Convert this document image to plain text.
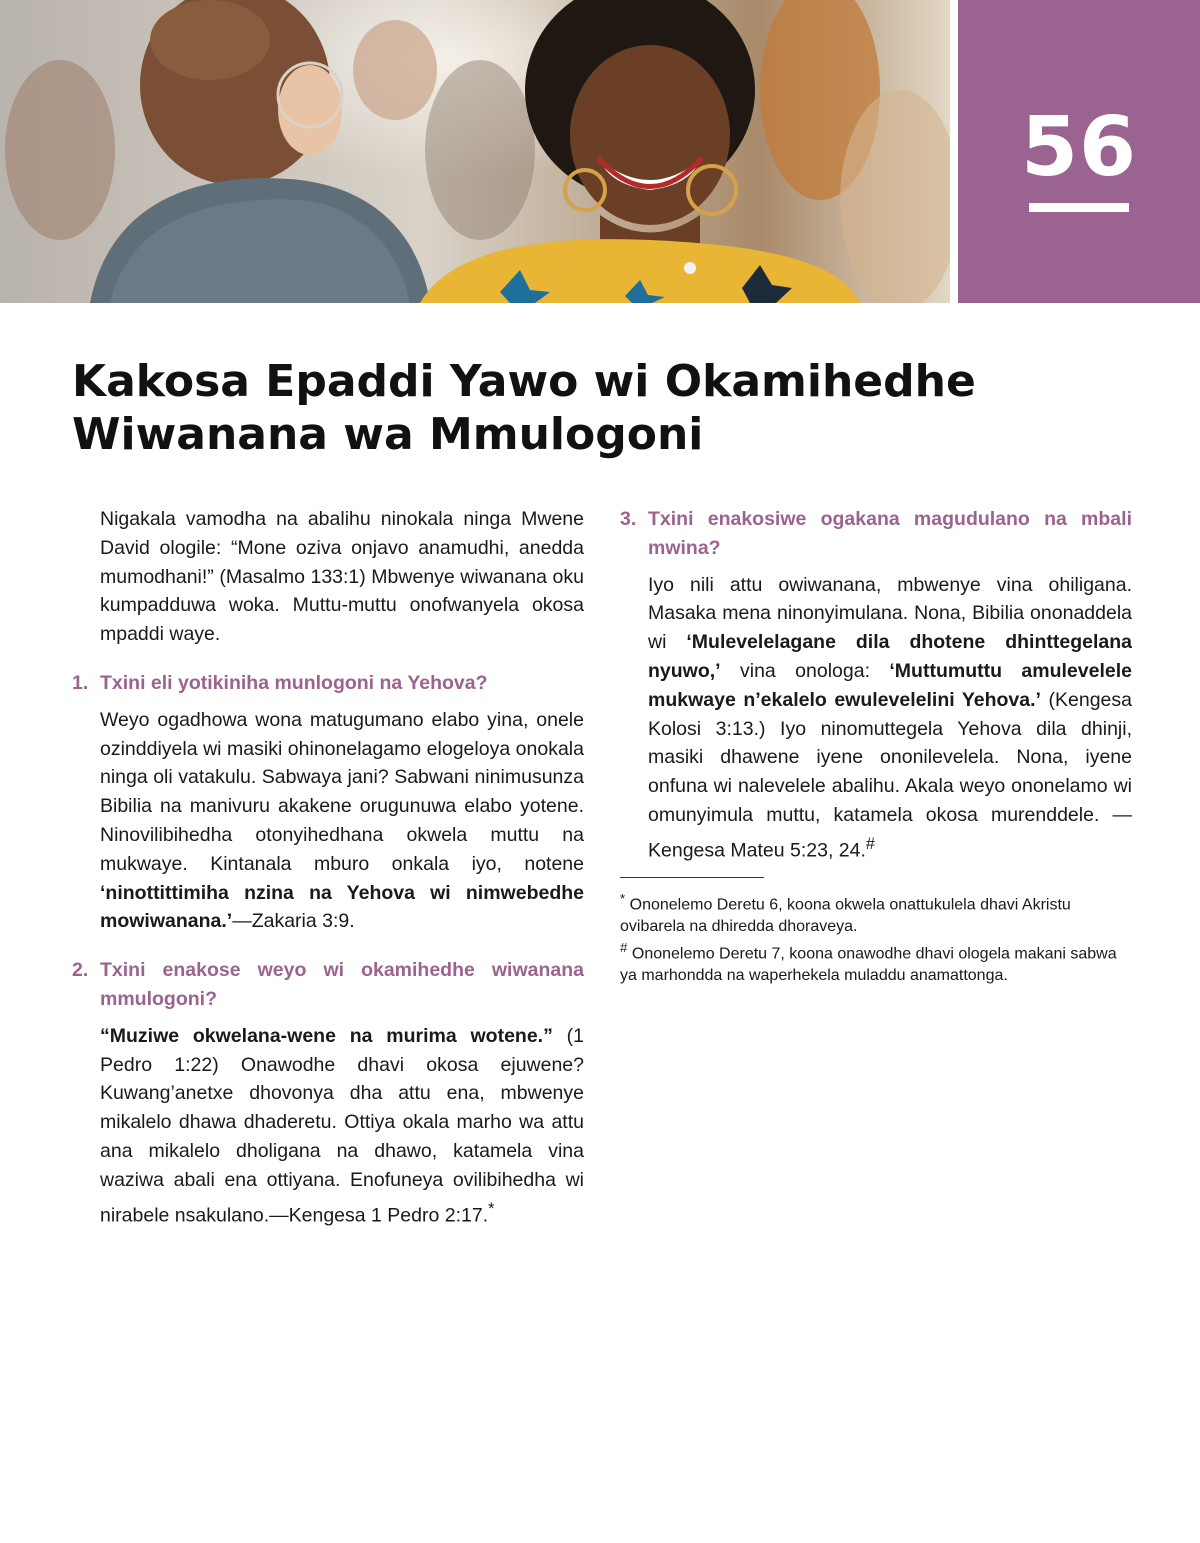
56
Kakosa Epaddi Yawo wi Okamihedhe Wiwanana wa Mmulogoni

Nigakala vamodha na abalihu ninokala ninga Mwene David ologile: “Mone oziva onjavo anamudhi, anedda mumodhani!” (Masalmo 133:1) Mbwenye wiwanana oku kumpadduwa woka. Muttu-muttu onofwanyela okosa mpaddi waye.

1. Txini eli yotikiniha munlogoni na Yehova?

Weyo ogadhowa wona matugumano elabo yina, onele ozinddiyela wi masiki ohinonelagamo elogeloya onokala ninga oli vatakulu. Sabwaya jani? Sabwani ninimusunza Bibilia na manivuru akakene orugunuwa elabo yotene. Ninovilibihedha otonyihedhana okwela muttu na mukwaye. Kintanala mburo onkala iyo, notene ‘ninottittimiha nzina na Yehova wi nimwebedhe mowiwanana.’—Zakaria 3:9.

2. Txini enakose weyo wi okamihedhe wiwanana mmulogoni?

“Muziwe okwelana-wene na murima wotene.” (1 Pedro 1:22) Onawodhe dhavi okosa ejuwene? Kuwang’anetxe dhovonya dha attu ena, mbwenye mikalelo dhawa dhaderetu. Ottiya okala marho wa attu ana mikalelo dholigana na dhawo, katamela vina waziwa abali ena ottiyana. Enofuneya ovilibihedha wi nirabele nsakulano.—Kengesa 1 Pedro 2:17.*

3. Txini enakosiwe ogakana magudulano na mbali mwina?

Iyo nili attu owiwanana, mbwenye vina ohiligana. Masaka mena ninonyimulana. Nona, Bibilia ononaddela wi ‘Mulevelelagane dila dhotene dhinttegelana nyuwo,’ vina onologa: ‘Muttumuttu amulevelele mukwaye n’ekalelo ewulevelelini Yehova.’ (Kengesa Kolosi 3:13.) Iyo ninomuttegela Yehova dila dhinji, masiki dhawene iyene ononilevelela. Nona, iyene onfuna wi nalevelele abalihu. Akala weyo ononelamo wi omunyimula muttu, katamela okosa murenddele. —Kengesa Mateu 5:23, 24.#

* Ononelemo Deretu 6, koona okwela onattukulela dhavi Akristu ovibarela na dhiredda dhoraveya.

# Ononelemo Deretu 7, koona onawodhe dhavi ologela makani sabwa ya marhondda na waperhekela muladdu anamattonga.
